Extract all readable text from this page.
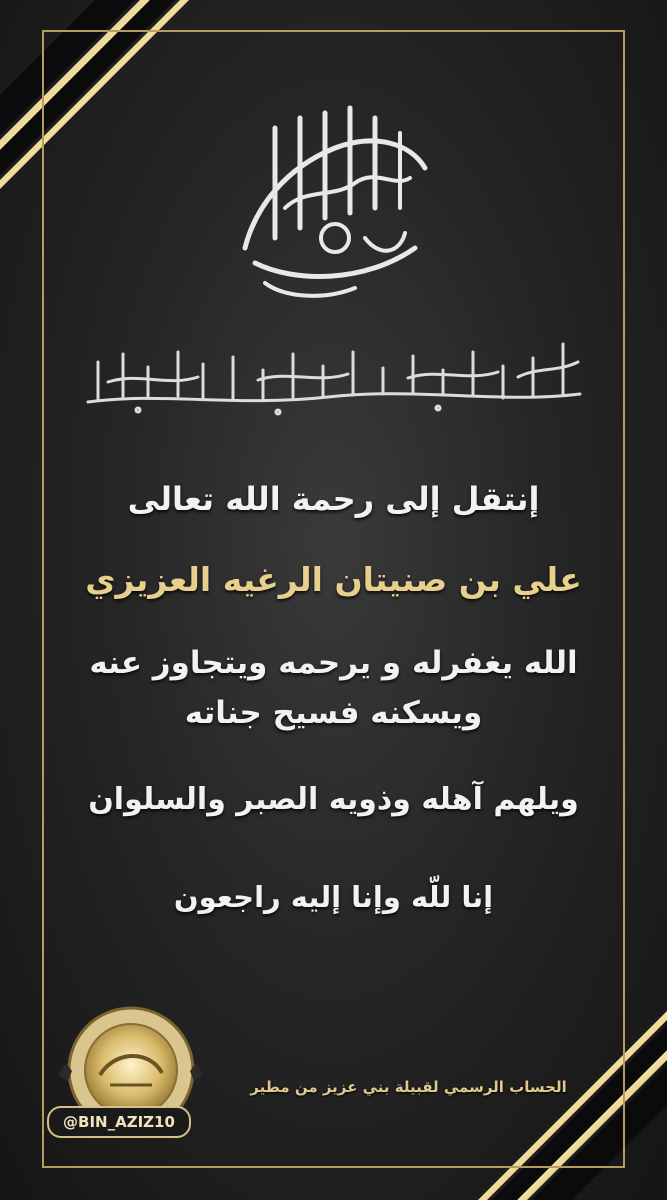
إنتقل إلى رحمة الله تعالى
علي بن صنيتان الرغيه العزيزي
الله يغفرله و يرحمه ويتجاوز عنه ويسكنه فسيح جناته
ويلهم آهله وذويه الصبر والسلوان
إنا للّه وإنا إليه راجعون
@BIN_AZIZ10
الحساب الرسمي لقبيلة بني عزيز من مطير
